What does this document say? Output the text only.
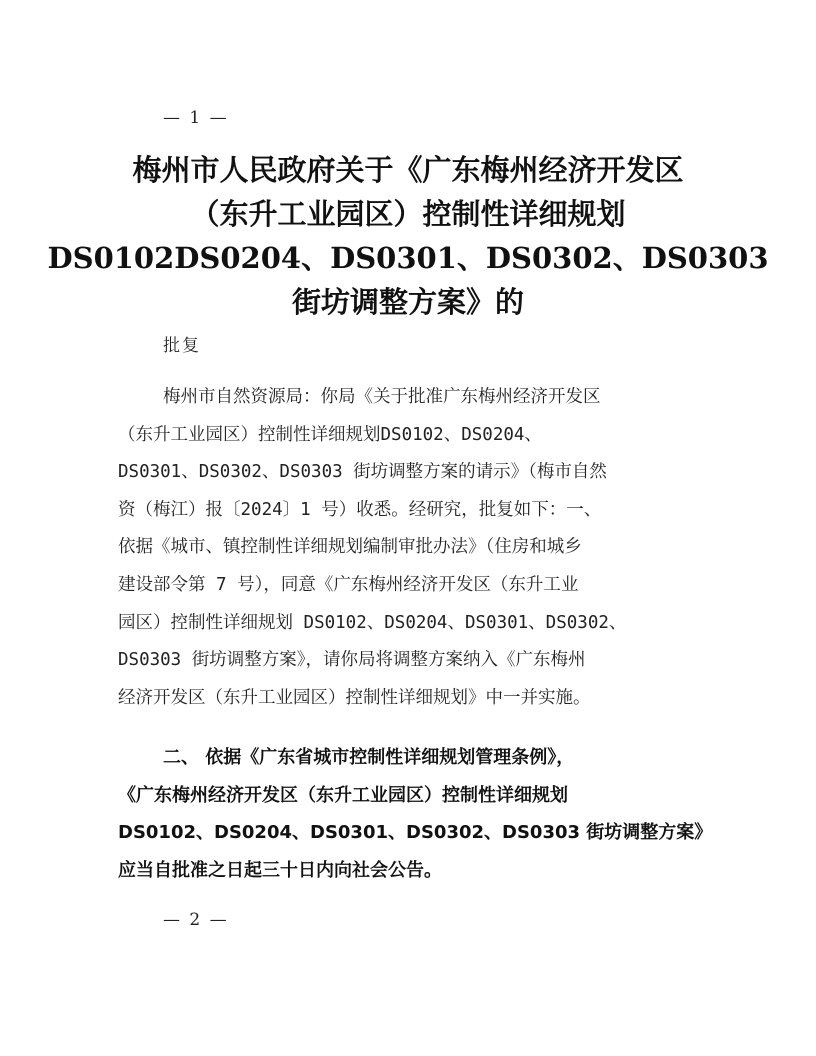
— 1 —
梅州市人民政府关于《广东梅州经济开发区
（东升工业园区）控制性详细规划
DS0102DS0204、DS0301、DS0302、DS0303
街坊调整方案》的
批复
梅州市自然资源局：你局《关于批准广东梅州经济开发区
（东升工业园区）控制性详细规划DS0102、DS0204、
DS0301、DS0302、DS0303 街坊调整方案的请示》（梅市自然
资（梅江）报〔2024〕1 号）收悉。经研究，批复如下：一、
依据《城市、镇控制性详细规划编制审批办法》（住房和城乡
建设部令第 7 号），同意《广东梅州经济开发区（东升工业
园区）控制性详细规划 DS0102、DS0204、DS0301、DS0302、
DS0303 街坊调整方案》，请你局将调整方案纳入《广东梅州
经济开发区（东升工业园区）控制性详细规划》中一并实施。
二、 依据《广东省城市控制性详细规划管理条例》，
《广东梅州经济开发区（东升工业园区）控制性详细规划
DS0102、DS0204、DS0301、DS0302、DS0303 街坊调整方案》
应当自批准之日起三十日内向社会公告。
— 2 —
